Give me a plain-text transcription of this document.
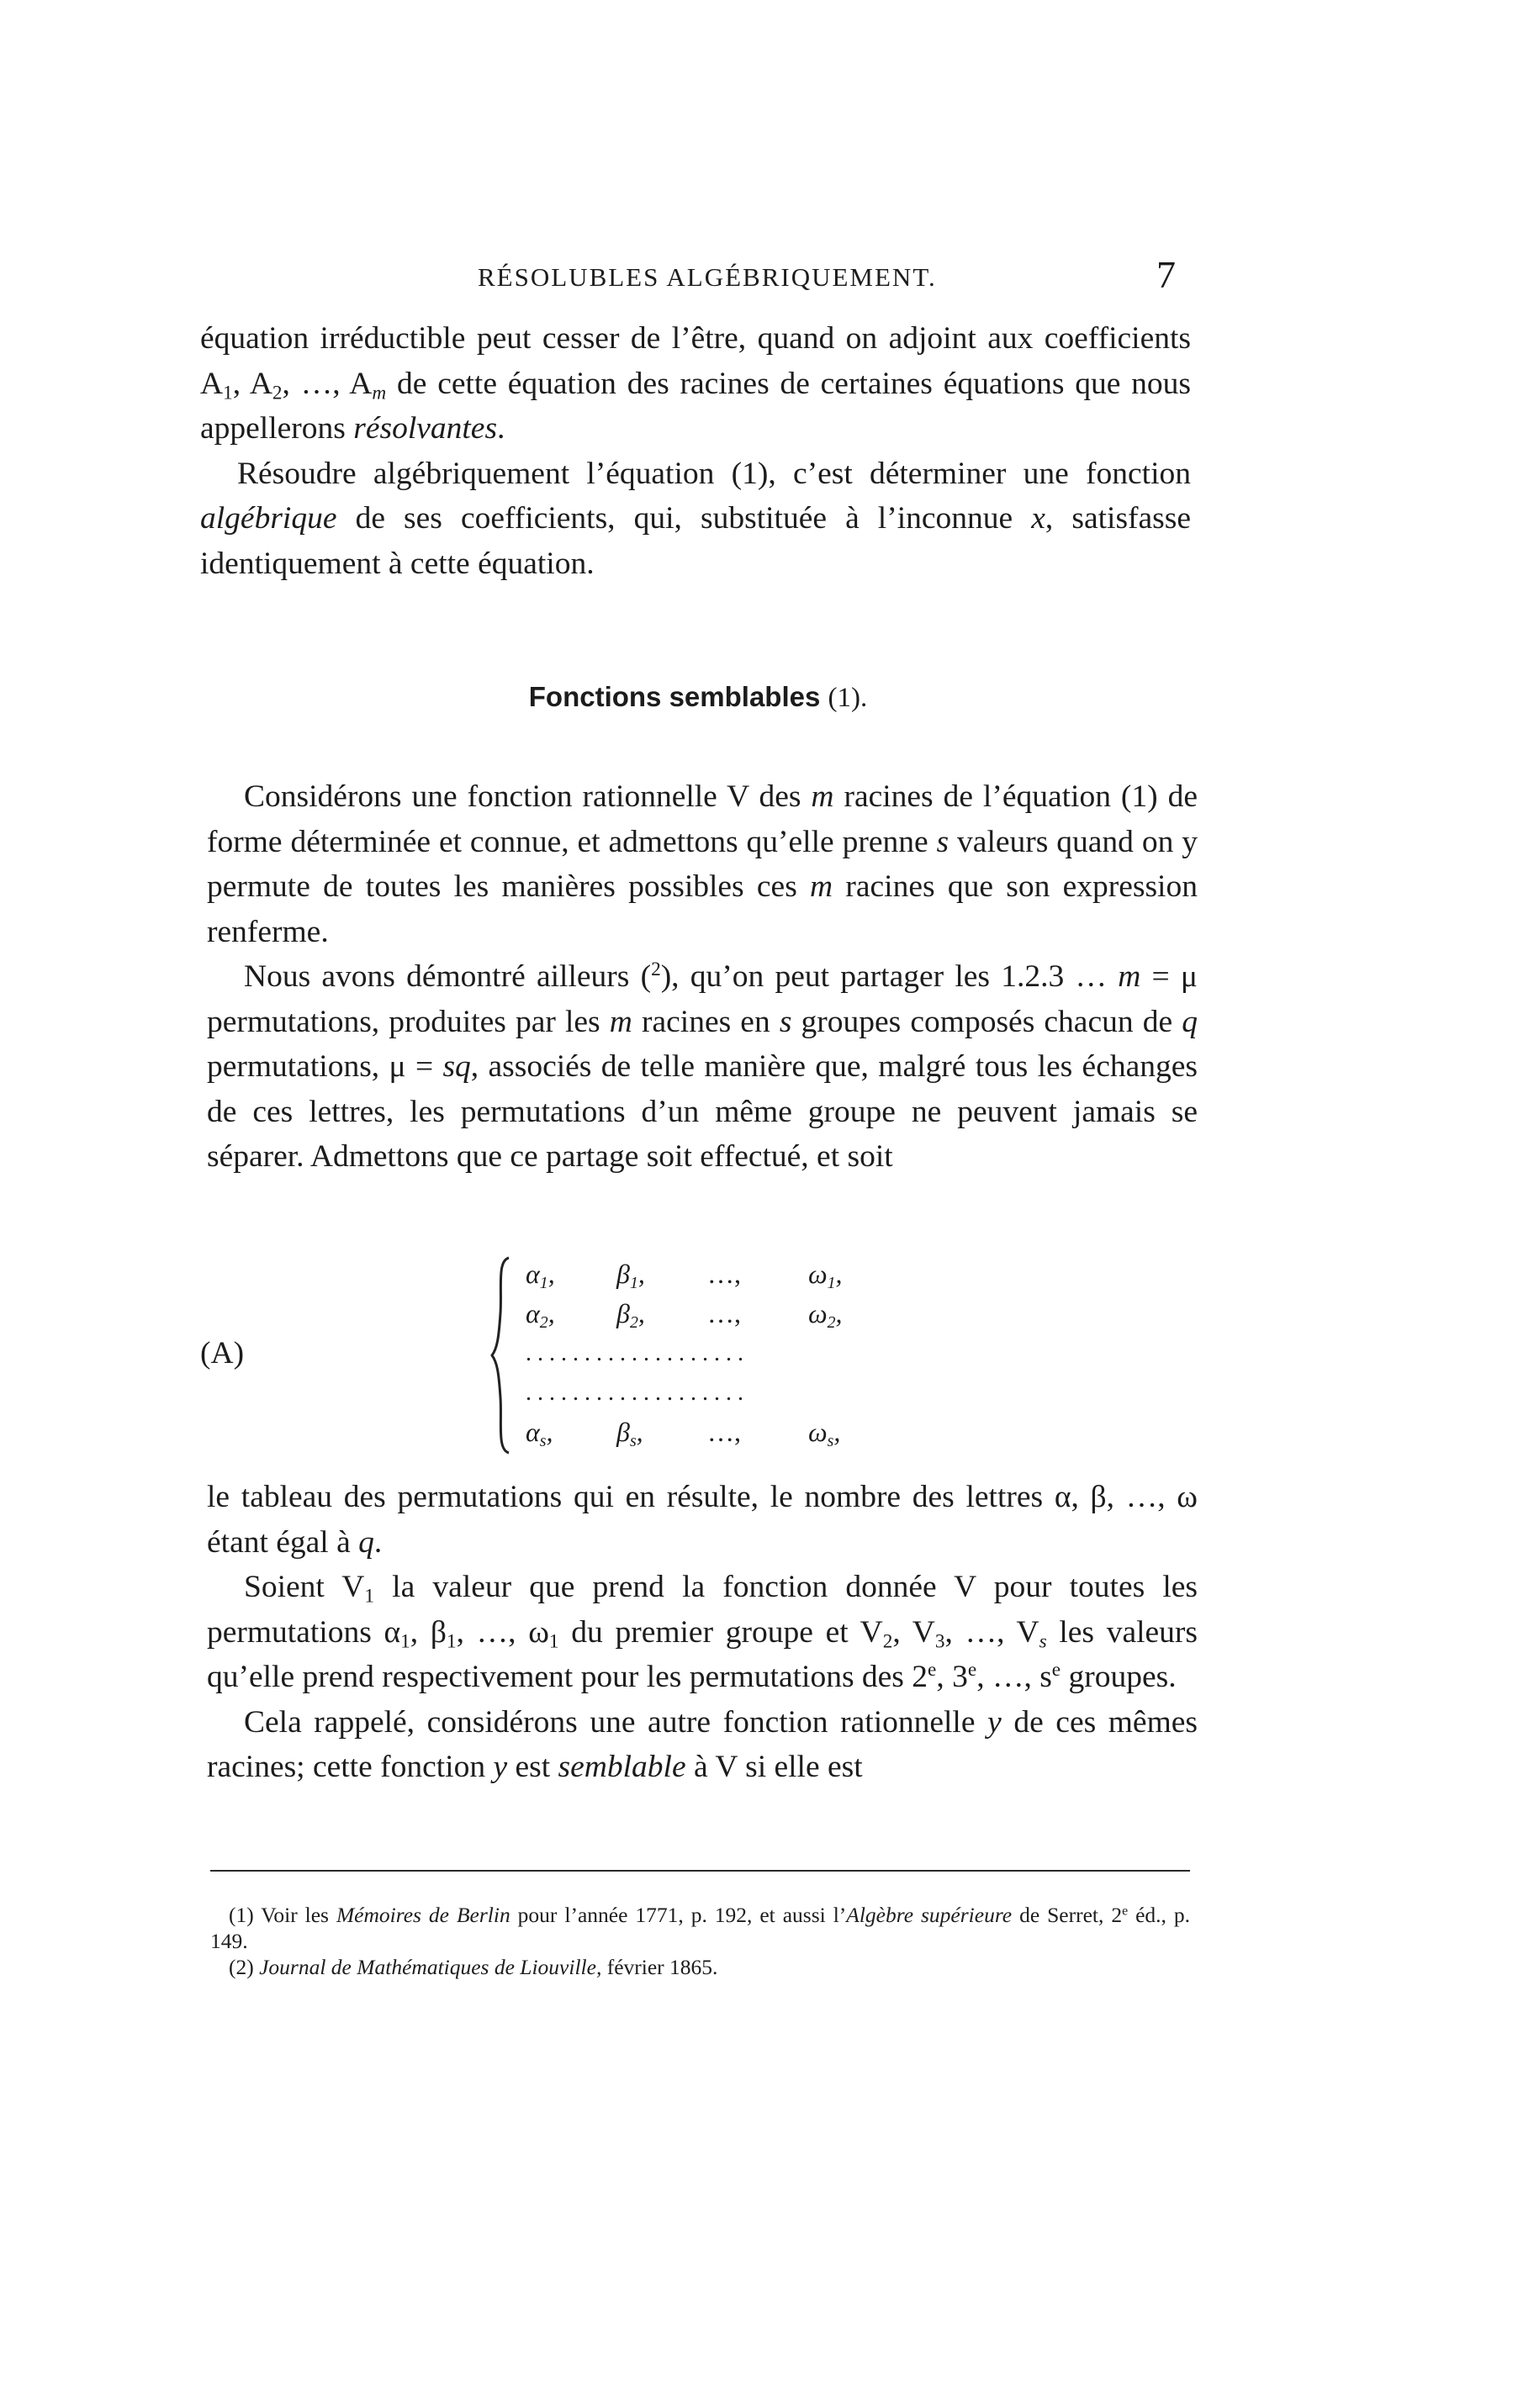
RÉSOLUBLES ALGÉBRIQUEMENT.	7

équation irréductible peut cesser de l’être, quand on adjoint aux coefficients $A_1$, $A_2$, …, $A_m$ de cette équation des racines de certaines équations que nous appellerons résolvantes.

Résoudre algébriquement l’équation (1), c’est déterminer une fonction algébrique de ses coefficients, qui, substituée à l’inconnue x, satisfasse identiquement à cette équation.

Fonctions semblables (1).

Considérons une fonction rationnelle V des m racines de l’équation (1) de forme déterminée et connue, et admettons qu’elle prenne s valeurs quand on y permute de toutes les manières possibles ces m racines que son expression renferme.

Nous avons démontré ailleurs ($^2$), qu’on peut partager les 1.2.3 … m = μ permutations, produites par les m racines en s groupes composés chacun de q permutations, μ = sq, associés de telle manière que, malgré tous les échanges de ces lettres, les permutations d’un même groupe ne peuvent jamais se séparer. Admettons que ce partage soit effectué, et soit

(A)
α1,	β1,	…,	ω1,
α2,	β2,	…,	ω2,
...................
...................
αs,	βs,	…,	ωs,

le tableau des permutations qui en résulte, le nombre des lettres α, β, …, ω étant égal à q.

Soient $V_1$ la valeur que prend la fonction donnée V pour toutes les permutations $\alpha_1$, $\beta_1$, …, $\omega_1$ du premier groupe et $V_2$, $V_3$, …, $V_s$ les valeurs qu’elle prend respectivement pour les permutations des 2e, 3e, …, $s^e$ groupes.

Cela rappelé, considérons une autre fonction rationnelle y de ces mêmes racines; cette fonction y est semblable à V si elle est

(1) Voir les Mémoires de Berlin pour l’année 1771, p. 192, et aussi l’Algèbre supérieure de Serret, 2e éd., p. 149.

(2) Journal de Mathématiques de Liouville, février 1865.
